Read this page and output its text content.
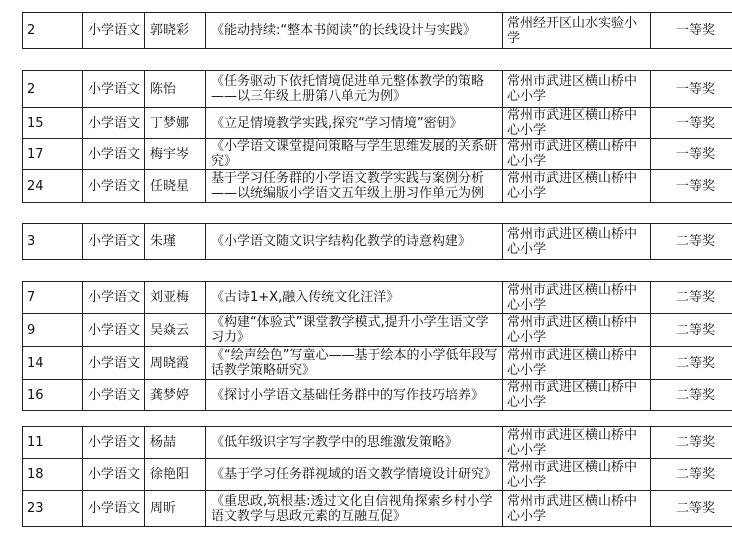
2	小学语文	郭晓彩	《能动持续:“整本书阅读”的长线设计与实践》	常州经开区山水实验小学	一等奖
2	小学语文	陈怡	《任务驱动下依托情境促进单元整体教学的策略——以三年级上册第八单元为例》	常州市武进区横山桥中心小学	一等奖
15	小学语文	丁梦娜	《立足情境教学实践,探究“学习情境”密钥》	常州市武进区横山桥中心小学	一等奖
17	小学语文	梅宇岑	《小学语文课堂提问策略与学生思维发展的关系研究》	常州市武进区横山桥中心小学	一等奖
24	小学语文	任晓星	基于学习任务群的小学语文教学实践与案例分析 ——以统编版小学语文五年级上册习作单元为例	常州市武进区横山桥中心小学	一等奖
3	小学语文	朱瑾	《小学语文随文识字结构化教学的诗意构建》	常州市武进区横山桥中心小学	二等奖
7	小学语文	刘亚梅	《古诗1+X,融入传统文化汪洋》	常州市武进区横山桥中心小学	二等奖
9	小学语文	吴焱云	《构建“体验式”课堂教学模式,提升小学生语文学习力》	常州市武进区横山桥中心小学	二等奖
14	小学语文	周晓霞	《“绘声绘色”写童心——基于绘本的小学低年段写话教学策略研究》	常州市武进区横山桥中心小学	二等奖
16	小学语文	龚梦婷	《探讨小学语文基础任务群中的写作技巧培养》	常州市武进区横山桥中心小学	二等奖
11	小学语文	杨喆	《低年级识字写字教学中的思维激发策略》	常州市武进区横山桥中心小学	二等奖
18	小学语文	徐艳阳	《基于学习任务群视域的语文教学情境设计研究》	常州市武进区横山桥中心小学	二等奖
23	小学语文	周昕	《重思政,筑根基:透过文化自信视角探索乡村小学语文教学与思政元素的互融互促》	常州市武进区横山桥中心小学	二等奖
